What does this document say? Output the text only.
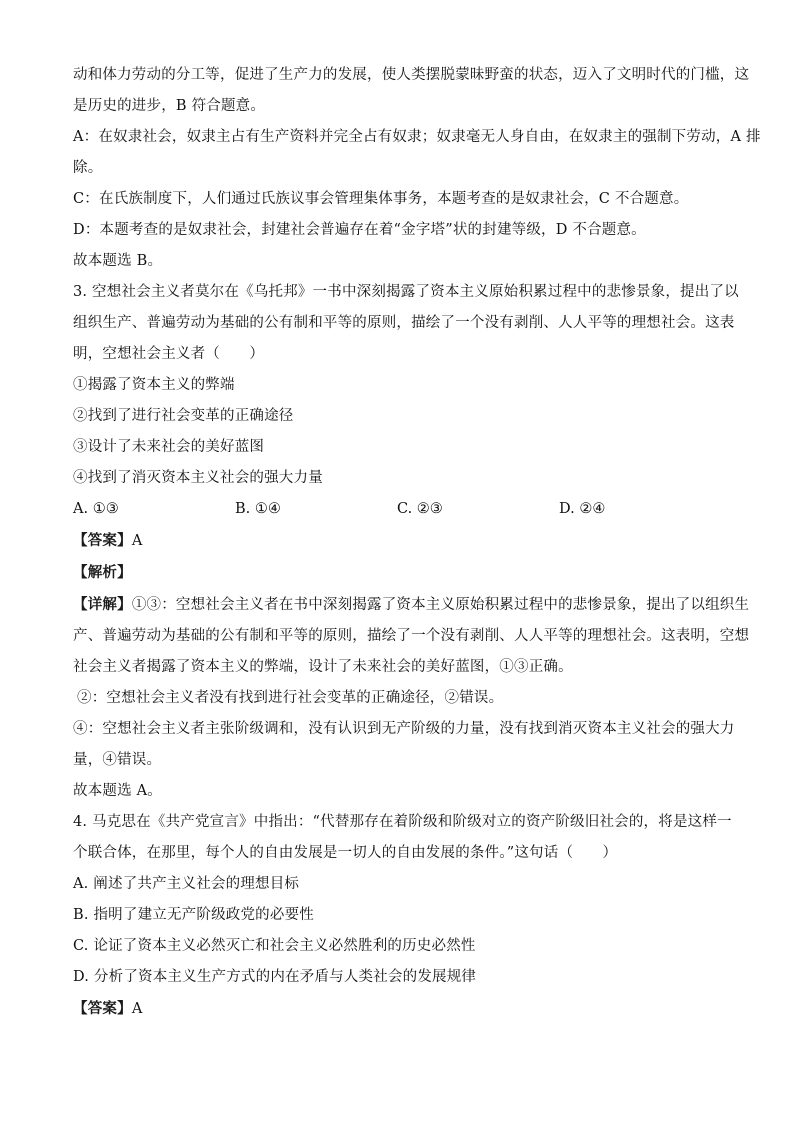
动和体力劳动的分工等，促进了生产力的发展，使人类摆脱蒙昧野蛮的状态，迈入了文明时代的门槛，这

是历史的进步，B 符合题意。

A：在奴隶社会，奴隶主占有生产资料并完全占有奴隶；奴隶毫无人身自由，在奴隶主的强制下劳动，A 排

除。

C：在氏族制度下，人们通过氏族议事会管理集体事务，本题考查的是奴隶社会，C 不合题意。

D：本题考查的是奴隶社会，封建社会普遍存在着“金字塔”状的封建等级，D 不合题意。

故本题选 B。

3. 空想社会主义者莫尔在《乌托邦》一书中深刻揭露了资本主义原始积累过程中的悲惨景象，提出了以

组织生产、普遍劳动为基础的公有制和平等的原则，描绘了一个没有剥削、人人平等的理想社会。这表

明，空想社会主义者（　　）

①揭露了资本主义的弊端

②找到了进行社会变革的正确途径

③设计了未来社会的美好蓝图

④找到了消灭资本主义社会的强大力量

A. ①③	B. ①④	C. ②③	D. ②④

【答案】A

【解析】

【详解】①③：空想社会主义者在书中深刻揭露了资本主义原始积累过程中的悲惨景象，提出了以组织生

产、普遍劳动为基础的公有制和平等的原则，描绘了一个没有剥削、人人平等的理想社会。这表明，空想

社会主义者揭露了资本主义的弊端，设计了未来社会的美好蓝图，①③正确。

②：空想社会主义者没有找到进行社会变革的正确途径，②错误。

④：空想社会主义者主张阶级调和，没有认识到无产阶级的力量，没有找到消灭资本主义社会的强大力

量，④错误。

故本题选 A。

4. 马克思在《共产党宣言》中指出：“代替那存在着阶级和阶级对立的资产阶级旧社会的，将是这样一

个联合体，在那里，每个人的自由发展是一切人的自由发展的条件。”这句话（　　）

A. 阐述了共产主义社会的理想目标

B. 指明了建立无产阶级政党的必要性

C. 论证了资本主义必然灭亡和社会主义必然胜利的历史必然性

D. 分析了资本主义生产方式的内在矛盾与人类社会的发展规律

【答案】A
